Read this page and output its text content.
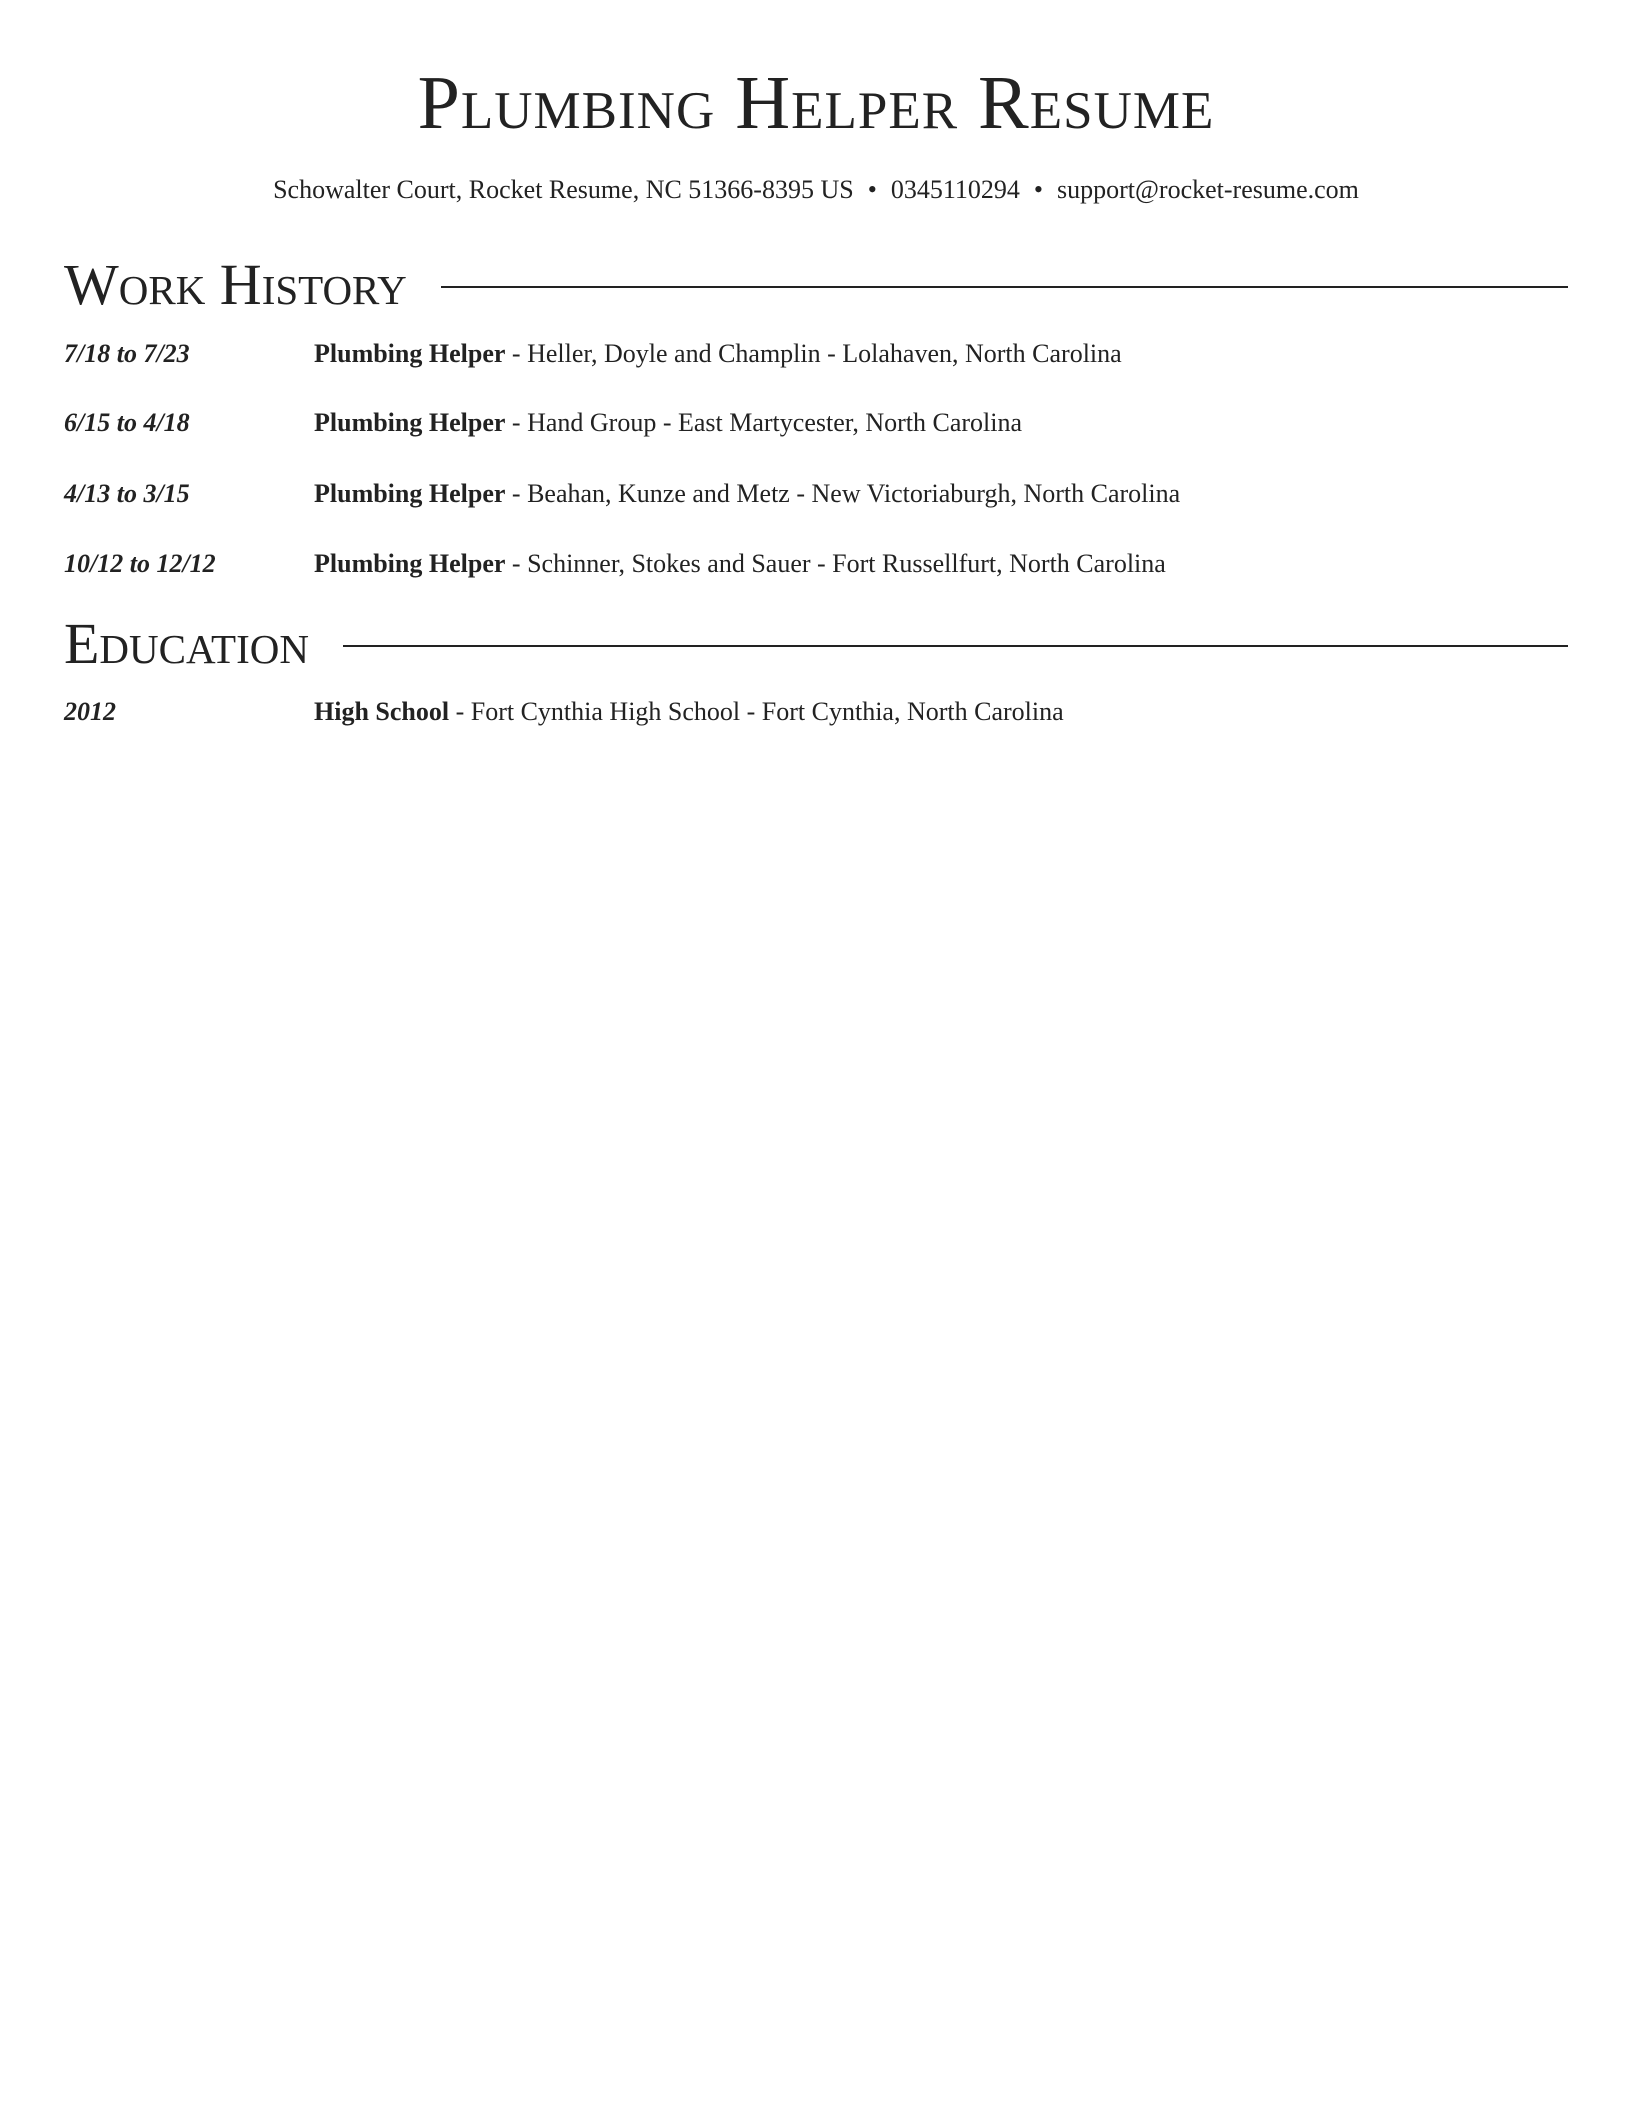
Plumbing Helper Resume
Schowalter Court, Rocket Resume, NC 51366-8395 US • 0345110294 • support@rocket-resume.com
Work History
7/18 to 7/23	Plumbing Helper - Heller, Doyle and Champlin - Lolahaven, North Carolina
6/15 to 4/18	Plumbing Helper - Hand Group - East Martycester, North Carolina
4/13 to 3/15	Plumbing Helper - Beahan, Kunze and Metz - New Victoriaburgh, North Carolina
10/12 to 12/12	Plumbing Helper - Schinner, Stokes and Sauer - Fort Russellfurt, North Carolina
Education
2012	High School - Fort Cynthia High School - Fort Cynthia, North Carolina
